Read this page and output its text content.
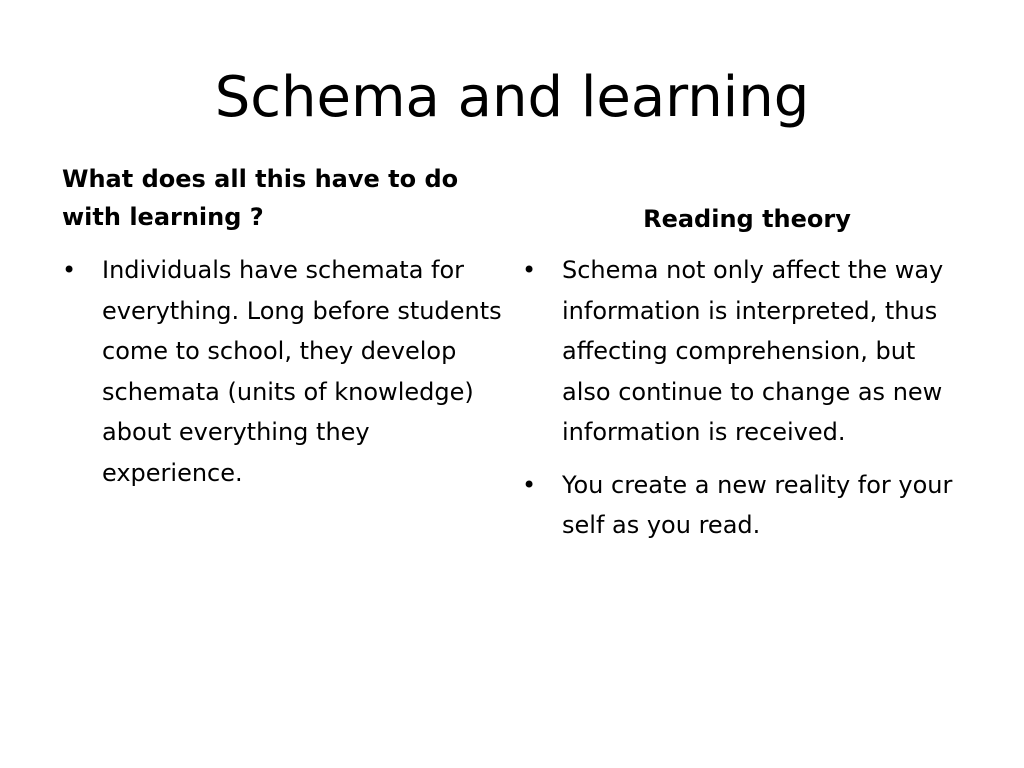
Schema and learning
What does all this have to do with learning ?
• Individuals have schemata for everything. Long before students come to school, they develop schemata (units of knowledge) about everything they experience.
Reading theory
• Schema not only affect the way information is interpreted, thus affecting comprehension, but also continue to change as new information is received.
• You create a new reality for your self as you read.
